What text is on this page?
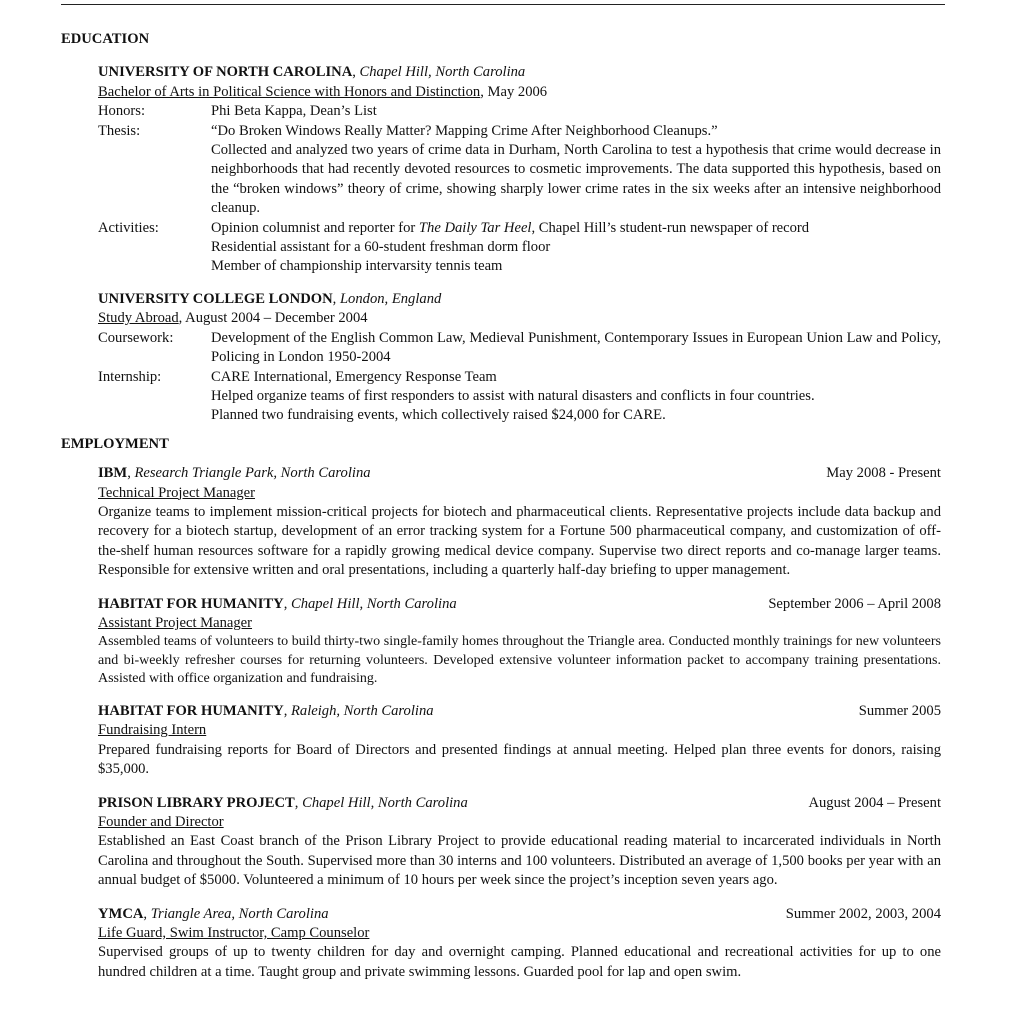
EDUCATION

UNIVERSITY OF NORTH CAROLINA, Chapel Hill, North Carolina

Bachelor of Arts in Political Science with Honors and Distinction, May 2006

Honors:	Phi Beta Kappa, Dean’s List
Thesis:	“Do Broken Windows Really Matter? Mapping Crime After Neighborhood Cleanups.”
Collected and analyzed two years of crime data in Durham, North Carolina to test a hypothesis that crime would decrease in neighborhoods that had recently devoted resources to cosmetic improvements. The data supported this hypothesis, based on the “broken windows” theory of crime, showing sharply lower crime rates in the six weeks after an intensive neighborhood cleanup.
Activities:	Opinion columnist and reporter for The Daily Tar Heel, Chapel Hill’s student-run newspaper of record
Residential assistant for a 60-student freshman dorm floor
Member of championship intervarsity tennis team

UNIVERSITY COLLEGE LONDON, London, England

Study Abroad, August 2004 – December 2004

Coursework:	Development of the English Common Law, Medieval Punishment, Contemporary Issues in European Union Law and Policy, Policing in London 1950-2004
Internship:	CARE International, Emergency Response Team
Helped organize teams of first responders to assist with natural disasters and conflicts in four countries.
Planned two fundraising events, which collectively raised $24,000 for CARE.

EMPLOYMENT

IBM, Research Triangle Park, North Carolina	May 2008 - Present

Technical Project Manager

Organize teams to implement mission-critical projects for biotech and pharmaceutical clients. Representative projects include data backup and recovery for a biotech startup, development of an error tracking system for a Fortune 500 pharmaceutical company, and customization of off-the-shelf human resources software for a rapidly growing medical device company. Supervise two direct reports and co-manage larger teams. Responsible for extensive written and oral presentations, including a quarterly half-day briefing to upper management.

HABITAT FOR HUMANITY, Chapel Hill, North Carolina	September 2006 – April 2008

Assistant Project Manager

Assembled teams of volunteers to build thirty-two single-family homes throughout the Triangle area. Conducted monthly trainings for new volunteers and bi-weekly refresher courses for returning volunteers. Developed extensive volunteer information packet to accompany training presentations. Assisted with office organization and fundraising.

HABITAT FOR HUMANITY, Raleigh, North Carolina	Summer 2005

Fundraising Intern

Prepared fundraising reports for Board of Directors and presented findings at annual meeting. Helped plan three events for donors, raising $35,000.

PRISON LIBRARY PROJECT, Chapel Hill, North Carolina	August 2004 – Present

Founder and Director

Established an East Coast branch of the Prison Library Project to provide educational reading material to incarcerated individuals in North Carolina and throughout the South. Supervised more than 30 interns and 100 volunteers. Distributed an average of 1,500 books per year with an annual budget of $5000. Volunteered a minimum of 10 hours per week since the project’s inception seven years ago.

YMCA, Triangle Area, North Carolina	Summer 2002, 2003, 2004

Life Guard, Swim Instructor, Camp Counselor

Supervised groups of up to twenty children for day and overnight camping. Planned educational and recreational activities for up to one hundred children at a time. Taught group and private swimming lessons. Guarded pool for lap and open swim.
